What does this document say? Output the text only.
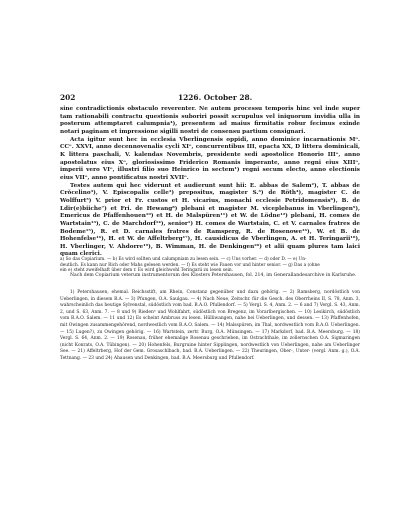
202	1226. October 28.

sine contradictionis obstaculo reverenter. Ne autem processu temporis hinc vel inde super tam rationabili contractu questionis suboriri possit scrupulus vel iniquorum invidia ulla in posterum attemptaret calumpnia⁴), presentem ad maius firmitatis robur fecimus exinde notari paginam et impressione sigilli nostri de consensu partium consignari.

Acta igitur sunt hec in ecclesia Vberlingensis oppidi, anno dominice incarnationis Mᵒ. CCᵒ. XXVI, anno decennovenalis cycli XIᵒ, concurrentibus III, epacta XX, D littera dominicali, K littera paschali, V. kalendas Novembris, presidente sedi apostolice Honorio IIIᵒ, anno apostolatus eius Xᵒ, gloriosissimo Friderico Romanis imperante, anno regni eius XIIIᵒ, imperii vero VIᵒ, illustri filio suo Heinrico in sectem¹) regni secum electo, anno electionis eius VIIᵒ, anno pontificatus nostri XVIIᵒ.

Testes autem qui hec viderunt et audierunt sunt hii: E. abbas de Salem²), T. abbas de Crǒcelino³), V. Episcopalis celle³) prepositus, magister S.³) de Röth⁴), magister C. de Wolffurt⁵) V. prior et Fr. custos et H. vicarius, monachi ecclesie Petridomensis⁶), B. de Ldir(e)biiche⁷) et Fri. de Hewang⁸) plebani et magister M. viceplebanus in Vberlingen⁹), Emericus de Pfaffenhouen¹⁰) et H. de Malspüren¹¹) et W. de Lödne¹²) plebani, H. comes de Wartstain¹³), C. de Marchdorf¹⁴), senior¹) H. comes de Wartstain, C. et V. carnales fratres de Bodeme¹⁵), R. et D. carnales fratres de Ramsperg, R. de Rosenowe¹⁶), W. et B. de Hohenfelse¹⁶), H. et W. de Affeltrberg¹⁷), H. causidicus de Vberlingen, A. et H. Teringarii¹⁸), H. Vberlinger, V. Ahdorre¹⁹), B. Wimman, H. de Denkingen²⁰) et alii quam plures tam laici quam clerici.

a) So das Copiarium. — b) Es wird sollten und calumpniam zu lesen sein. — c) Uns vorher. — d) oder D. — e) Un-
deutlich. Es kann nur Rich oder Mahs gelesen werden. — f) Es steht wie Fauen vor und hinter senior. — g) Das a (ohne
ein e) steht zweifelhaft über dem r. Es wird gleichwohl Teringarii zu lesen sein.
Nach dem Copiarium veterum instrumentorum des Klosters Petershausen, fol. 214, im Generallandesarchive in Karlsruhe.

1) Petershausen, ehemal. Reichsstift, am Rhein, Constanz gegenüber und dazu gehörig. — 2) Ramsberg, nordöstlich von Ueberlingen, in diesem B.A. — 3) Pfungen, O.A. Saulgau. — 4) Nach Neue, Zeitschr. für die Gesch. des Oberrheins II, S. 78, Anm. 3, wahrscheinlich das heutige Sylvenstal, südöstlich vom bad. B.A.O. Pfullendorf. — 5) Vergl. S. 4, Anm. 2. — 6 and 7) Vergl. S. 43, Anm. 2, und S. 63, Anm. 7. — 8 und 9) Riedenⁿ und Wohlfahrt, südöstlich von Bregenz, im Vorarlbergischen. — 10) Lesikirch, südöstlich vom B.A.O. Salem. — 11 und 12) Es scheint Ambruss zu lesen. Hülliwangen, nahe bei Ueberlingen, und dessen. — 13) Pfaffenhofen, mit Owingen zusammengehörend, nordwestlich vom B.A.O. Salem. — 14) Malsspüren, im Thal, nordwestlich vom B.A.O. Ueberlingen. — 15) Lugen?), zu Owingen gehörig. — 16) Wartstein, zertr. Burg, O.A. Münsingen. — 17) Markdorf, bad. B.A. Meersburg. — 18) Vergl. S. 64, Anm. 2. — 19) Rosenau, früher ehemalige Rosenau geschrieben, im Ostrachthale, im zollernschen O.A. Sigmaringen (nicht Konrats, O.A. Tübingen). — 20) Hohenfels, Burgruine hinter Sipplingen, nordwestlich von Ueberlingen, nahe am Ueberlinger See. — 21) Affeltrberg, Hof der Gem. Grosaschlbach, bad. B.A. Ueberlingen. — 22) Theuringen, Ober-, Unter- (vergl. Anm. g.), O.A. Tettnang. — 23 und 24) Ahausen und Denkingen, bad. B.A. Meersburg und Pfullendorf.
